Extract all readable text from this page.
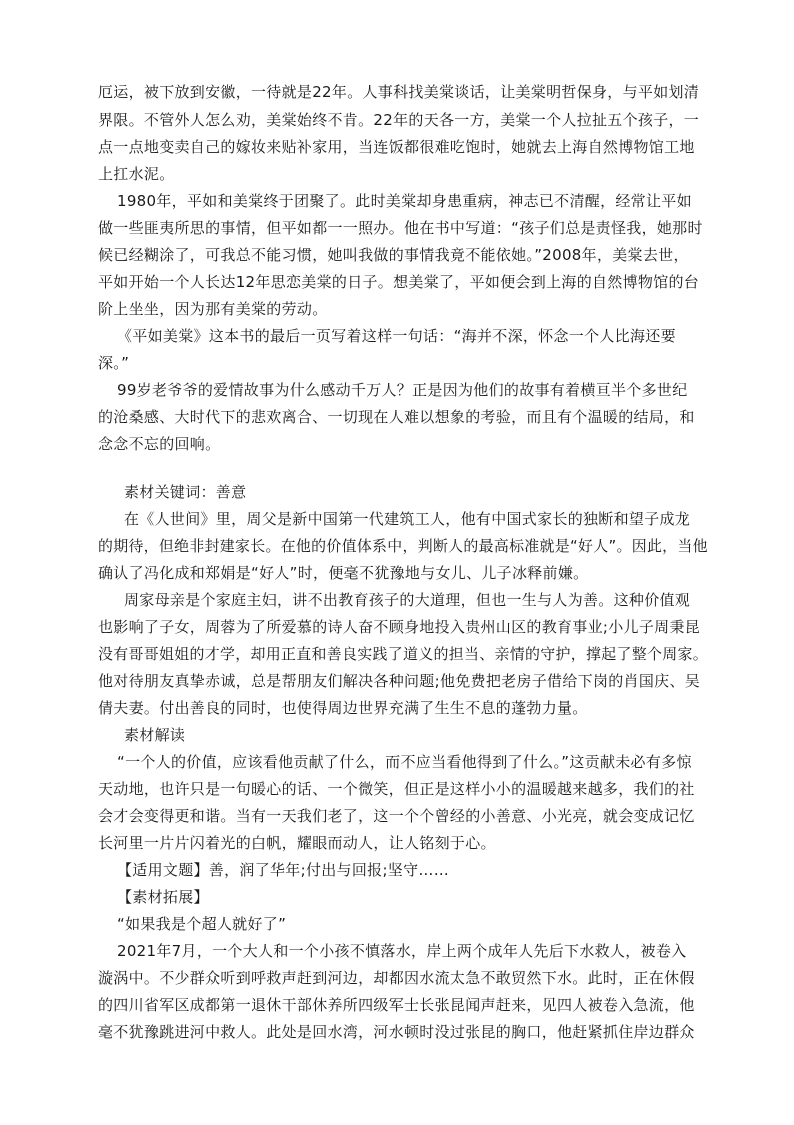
厄运，被下放到安徽，一待就是22年。人事科找美棠谈话，让美棠明哲保身，与平如划清
界限。不管外人怎么劝，美棠始终不肯。22年的天各一方，美棠一个人拉扯五个孩子，一
点一点地变卖自己的嫁妆来贴补家用，当连饭都很难吃饱时，她就去上海自然博物馆工地
上扛水泥。
1980年，平如和美棠终于团聚了。此时美棠却身患重病，神志已不清醒，经常让平如
做一些匪夷所思的事情，但平如都一一照办。他在书中写道：“孩子们总是责怪我，她那时
候已经糊涂了，可我总不能习惯，她叫我做的事情我竟不能依她。”2008年，美棠去世，
平如开始一个人长达12年思恋美棠的日子。想美棠了，平如便会到上海的自然博物馆的台
阶上坐坐，因为那有美棠的劳动。
《平如美棠》这本书的最后一页写着这样一句话：“海并不深，怀念一个人比海还要
深。”
99岁老爷爷的爱情故事为什么感动千万人？正是因为他们的故事有着横亘半个多世纪
的沧桑感、大时代下的悲欢离合、一切现在人难以想象的考验，而且有个温暖的结局，和
念念不忘的回响。
素材关键词：善意
在《人世间》里，周父是新中国第一代建筑工人，他有中国式家长的独断和望子成龙
的期待，但绝非封建家长。在他的价值体系中，判断人的最高标准就是“好人”。因此，当他
确认了冯化成和郑娟是“好人”时，便毫不犹豫地与女儿、儿子冰释前嫌。
周家母亲是个家庭主妇，讲不出教育孩子的大道理，但也一生与人为善。这种价值观
也影响了子女，周蓉为了所爱慕的诗人奋不顾身地投入贵州山区的教育事业;小儿子周秉昆
没有哥哥姐姐的才学，却用正直和善良实践了道义的担当、亲情的守护，撑起了整个周家。
他对待朋友真挚赤诚，总是帮朋友们解决各种问题;他免费把老房子借给下岗的肖国庆、吴
倩夫妻。付出善良的同时，也使得周边世界充满了生生不息的蓬勃力量。
素材解读
“一个人的价值，应该看他贡献了什么，而不应当看他得到了什么。”这贡献未必有多惊
天动地，也许只是一句暖心的话、一个微笑，但正是这样小小的温暖越来越多，我们的社
会才会变得更和谐。当有一天我们老了，这一个个曾经的小善意、小光亮，就会变成记忆
长河里一片片闪着光的白帆，耀眼而动人，让人铭刻于心。
【适用文题】善，润了华年;付出与回报;坚守……
【素材拓展】
“如果我是个超人就好了”
2021年7月，一个大人和一个小孩不慎落水，岸上两个成年人先后下水救人，被卷入
漩涡中。不少群众听到呼救声赶到河边，却都因水流太急不敢贸然下水。此时，正在休假
的四川省军区成都第一退休干部休养所四级军士长张昆闻声赶来，见四人被卷入急流，他
毫不犹豫跳进河中救人。此处是回水湾，河水顿时没过张昆的胸口，他赶紧抓住岸边群众
